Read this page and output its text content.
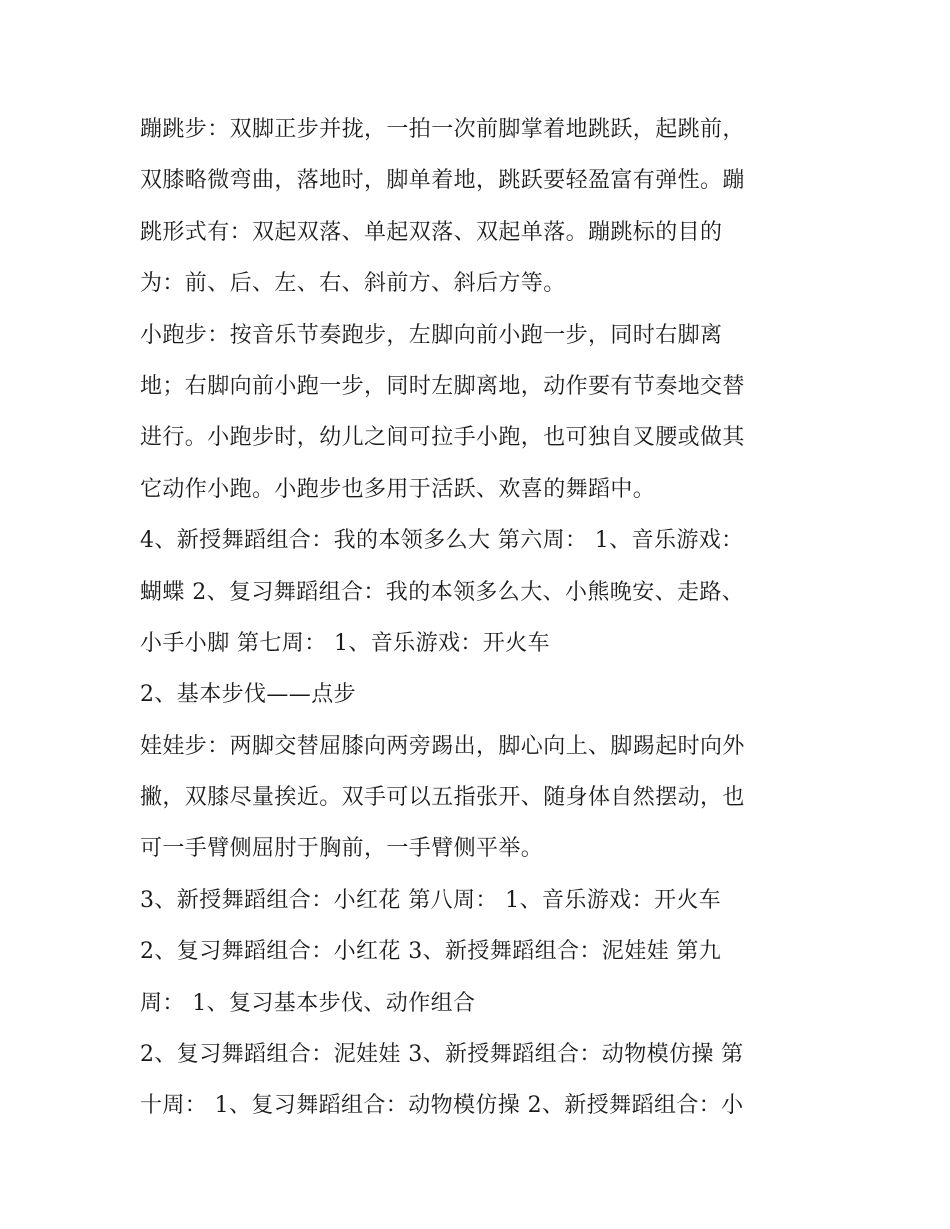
蹦跳步：双脚正步并拢，一拍一次前脚掌着地跳跃，起跳前，
双膝略微弯曲，落地时，脚单着地，跳跃要轻盈富有弹性。蹦
跳形式有：双起双落、单起双落、双起单落。蹦跳标的目的
为：前、后、左、右、斜前方、斜后方等。
小跑步：按音乐节奏跑步，左脚向前小跑一步，同时右脚离
地；右脚向前小跑一步，同时左脚离地，动作要有节奏地交替
进行。小跑步时，幼儿之间可拉手小跑，也可独自叉腰或做其
它动作小跑。小跑步也多用于活跃、欢喜的舞蹈中。
4、新授舞蹈组合：我的本领多么大 第六周： 1、音乐游戏：
蝴蝶 2、复习舞蹈组合：我的本领多么大、小熊晚安、走路、
小手小脚 第七周： 1、音乐游戏：开火车
2、基本步伐——点步
娃娃步：两脚交替屈膝向两旁踢出，脚心向上、脚踢起时向外
撇，双膝尽量挨近。双手可以五指张开、随身体自然摆动，也
可一手臂侧屈肘于胸前，一手臂侧平举。
3、新授舞蹈组合：小红花 第八周： 1、音乐游戏：开火车
2、复习舞蹈组合：小红花 3、新授舞蹈组合：泥娃娃 第九
周： 1、复习基本步伐、动作组合
2、复习舞蹈组合：泥娃娃 3、新授舞蹈组合：动物模仿操 第
十周： 1、复习舞蹈组合：动物模仿操 2、新授舞蹈组合：小
